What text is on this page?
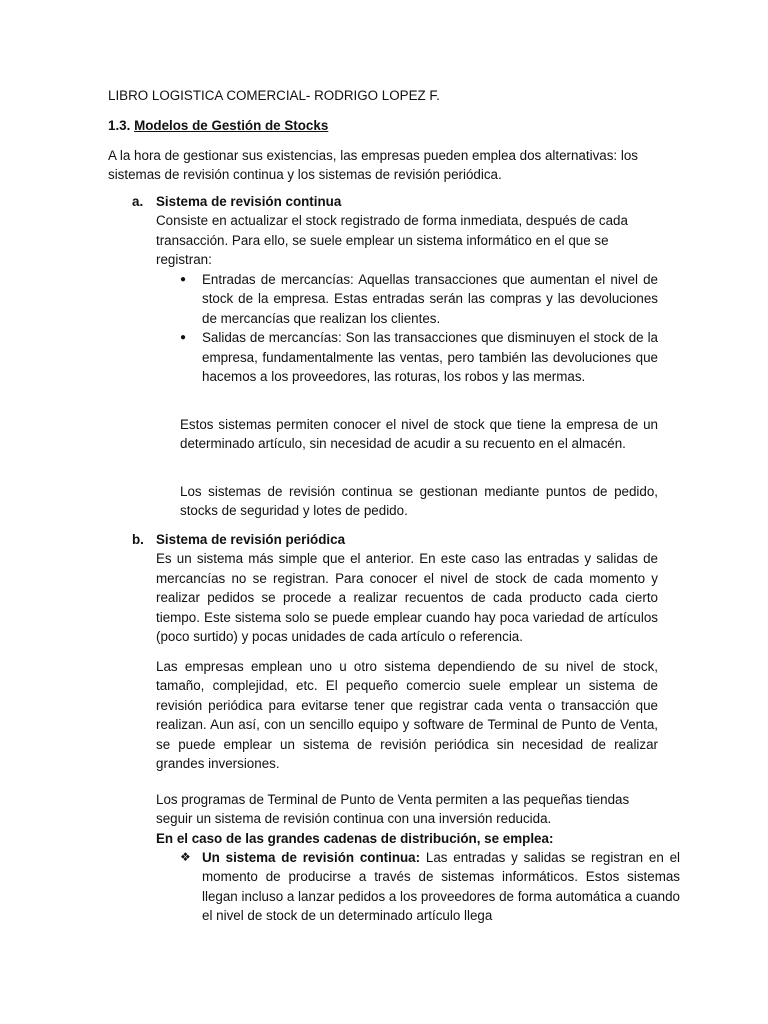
LIBRO LOGISTICA COMERCIAL- RODRIGO LOPEZ F.

1.3. Modelos de Gestión de Stocks

A la hora de gestionar sus existencias, las empresas pueden emplea dos alternativas: los sistemas de revisión continua y los sistemas de revisión periódica.

a. Sistema de revisión continua

Consiste en actualizar el stock registrado de forma inmediata, después de cada transacción. Para ello, se suele emplear un sistema informático en el que se registran:

● Entradas de mercancías: Aquellas transacciones que aumentan el nivel de stock de la empresa. Estas entradas serán las compras y las devoluciones de mercancías que realizan los clientes.

● Salidas de mercancías: Son las transacciones que disminuyen el stock de la empresa, fundamentalmente las ventas, pero también las devoluciones que hacemos a los proveedores, las roturas, los robos y las mermas.

Estos sistemas permiten conocer el nivel de stock que tiene la empresa de un determinado artículo, sin necesidad de acudir a su recuento en el almacén.

Los sistemas de revisión continua se gestionan mediante puntos de pedido, stocks de seguridad y lotes de pedido.

b. Sistema de revisión periódica

Es un sistema más simple que el anterior. En este caso las entradas y salidas de mercancías no se registran. Para conocer el nivel de stock de cada momento y realizar pedidos se procede a realizar recuentos de cada producto cada cierto tiempo. Este sistema solo se puede emplear cuando hay poca variedad de artículos (poco surtido) y pocas unidades de cada artículo o referencia.

Las empresas emplean uno u otro sistema dependiendo de su nivel de stock, tamaño, complejidad, etc. El pequeño comercio suele emplear un sistema de revisión periódica para evitarse tener que registrar cada venta o transacción que realizan. Aun así, con un sencillo equipo y software de Terminal de Punto de Venta, se puede emplear un sistema de revisión periódica sin necesidad de realizar grandes inversiones.

Los programas de Terminal de Punto de Venta permiten a las pequeñas tiendas seguir un sistema de revisión continua con una inversión reducida.

En el caso de las grandes cadenas de distribución, se emplea:

❖ Un sistema de revisión continua: Las entradas y salidas se registran en el momento de producirse a través de sistemas informáticos. Estos sistemas llegan incluso a lanzar pedidos a los proveedores de forma automática a cuando el nivel de stock de un determinado artículo llega
